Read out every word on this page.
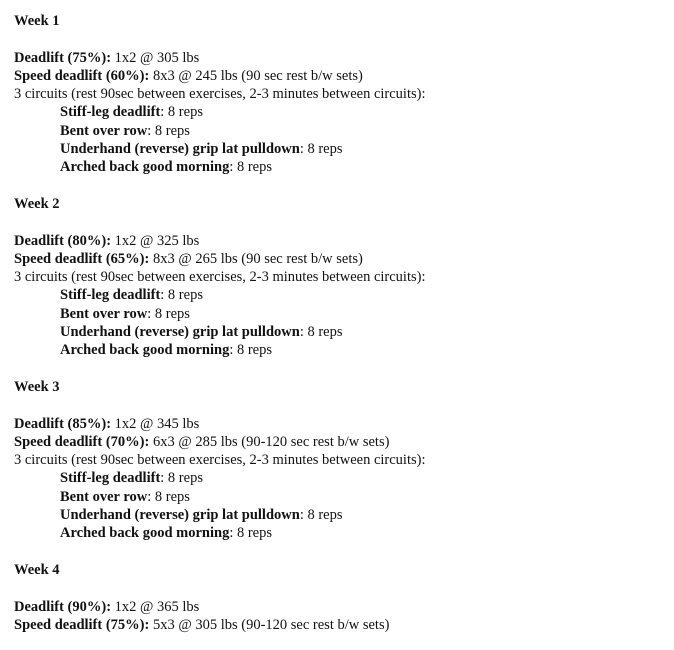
Week 1
Deadlift (75%): 1x2 @ 305 lbs
Speed deadlift (60%): 8x3 @ 245 lbs (90 sec rest b/w sets)
3 circuits (rest 90sec between exercises, 2-3 minutes between circuits):
Stiff-leg deadlift: 8 reps
Bent over row: 8 reps
Underhand (reverse) grip lat pulldown: 8 reps
Arched back good morning: 8 reps
Week 2
Deadlift (80%): 1x2 @ 325 lbs
Speed deadlift (65%): 8x3 @ 265 lbs (90 sec rest b/w sets)
3 circuits (rest 90sec between exercises, 2-3 minutes between circuits):
Stiff-leg deadlift: 8 reps
Bent over row: 8 reps
Underhand (reverse) grip lat pulldown: 8 reps
Arched back good morning: 8 reps
Week 3
Deadlift (85%): 1x2 @ 345 lbs
Speed deadlift (70%): 6x3 @ 285 lbs (90-120 sec rest b/w sets)
3 circuits (rest 90sec between exercises, 2-3 minutes between circuits):
Stiff-leg deadlift: 8 reps
Bent over row: 8 reps
Underhand (reverse) grip lat pulldown: 8 reps
Arched back good morning: 8 reps
Week 4
Deadlift (90%): 1x2 @ 365 lbs
Speed deadlift (75%): 5x3 @ 305 lbs (90-120 sec rest b/w sets)
